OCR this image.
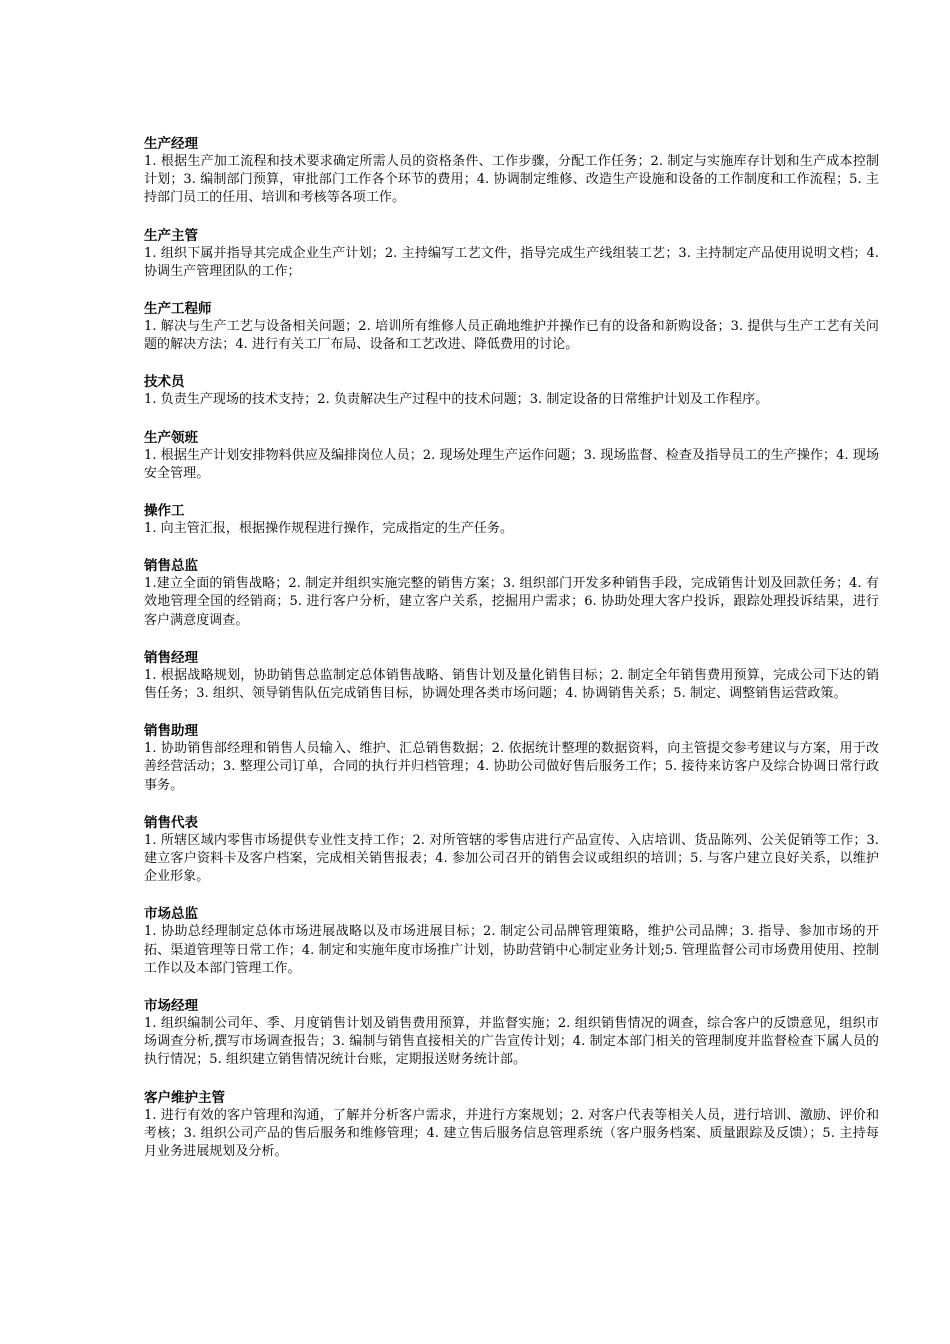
生产经理

1. 根据生产加工流程和技术要求确定所需人员的资格条件、工作步骤，分配工作任务；2. 制定与实施库存计划和生产成本控制计划；3. 编制部门预算，审批部门工作各个环节的费用；4. 协调制定维修、改造生产设施和设备的工作制度和工作流程；5. 主持部门员工的任用、培训和考核等各项工作。

生产主管

1. 组织下属并指导其完成企业生产计划；2. 主持编写工艺文件，指导完成生产线组装工艺；3. 主持制定产品使用说明文档；4. 协调生产管理团队的工作；

生产工程师

1. 解决与生产工艺与设备相关问题；2. 培训所有维修人员正确地维护并操作已有的设备和新购设备；3. 提供与生产工艺有关问题的解决方法；4. 进行有关工厂布局、设备和工艺改进、降低费用的讨论。

技术员

1. 负责生产现场的技术支持；2. 负责解决生产过程中的技术问题；3. 制定设备的日常维护计划及工作程序。

生产领班

1. 根据生产计划安排物料供应及编排岗位人员；2. 现场处理生产运作问题；3. 现场监督、检查及指导员工的生产操作；4. 现场安全管理。

操作工

1. 向主管汇报，根据操作规程进行操作，完成指定的生产任务。

销售总监

1.建立全面的销售战略；2. 制定并组织实施完整的销售方案；3. 组织部门开发多种销售手段，完成销售计划及回款任务；4. 有效地管理全国的经销商；5. 进行客户分析，建立客户关系，挖掘用户需求；6. 协助处理大客户投诉，跟踪处理投诉结果，进行客户满意度调查。

销售经理

1. 根据战略规划，协助销售总监制定总体销售战略、销售计划及量化销售目标；2. 制定全年销售费用预算，完成公司下达的销售任务；3. 组织、领导销售队伍完成销售目标，协调处理各类市场问题；4. 协调销售关系；5. 制定、调整销售运营政策。

销售助理

1. 协助销售部经理和销售人员输入、维护、汇总销售数据；2. 依据统计整理的数据资料，向主管提交参考建议与方案，用于改善经营活动；3. 整理公司订单，合同的执行并归档管理；4. 协助公司做好售后服务工作；5. 接待来访客户及综合协调日常行政事务。

销售代表

1. 所辖区域内零售市场提供专业性支持工作；2. 对所管辖的零售店进行产品宣传、入店培训、货品陈列、公关促销等工作；3. 建立客户资料卡及客户档案，完成相关销售报表；4. 参加公司召开的销售会议或组织的培训；5. 与客户建立良好关系，以维护企业形象。

市场总监

1. 协助总经理制定总体市场进展战略以及市场进展目标；2. 制定公司品牌管理策略，维护公司品牌；3. 指导、参加市场的开拓、渠道管理等日常工作；4. 制定和实施年度市场推广计划，协助营销中心制定业务计划;5. 管理监督公司市场费用使用、控制工作以及本部门管理工作。

市场经理

1. 组织编制公司年、季、月度销售计划及销售费用预算，并监督实施；2. 组织销售情况的调查，综合客户的反馈意见，组织市场调查分析,撰写市场调查报告；3. 编制与销售直接相关的广告宣传计划；4. 制定本部门相关的管理制度并监督检查下属人员的执行情况；5. 组织建立销售情况统计台账，定期报送财务统计部。

客户维护主管

1. 进行有效的客户管理和沟通，了解并分析客户需求，并进行方案规划；2. 对客户代表等相关人员，进行培训、激励、评价和考核；3. 组织公司产品的售后服务和维修管理；4. 建立售后服务信息管理系统（客户服务档案、质量跟踪及反馈）；5. 主持每月业务进展规划及分析。
